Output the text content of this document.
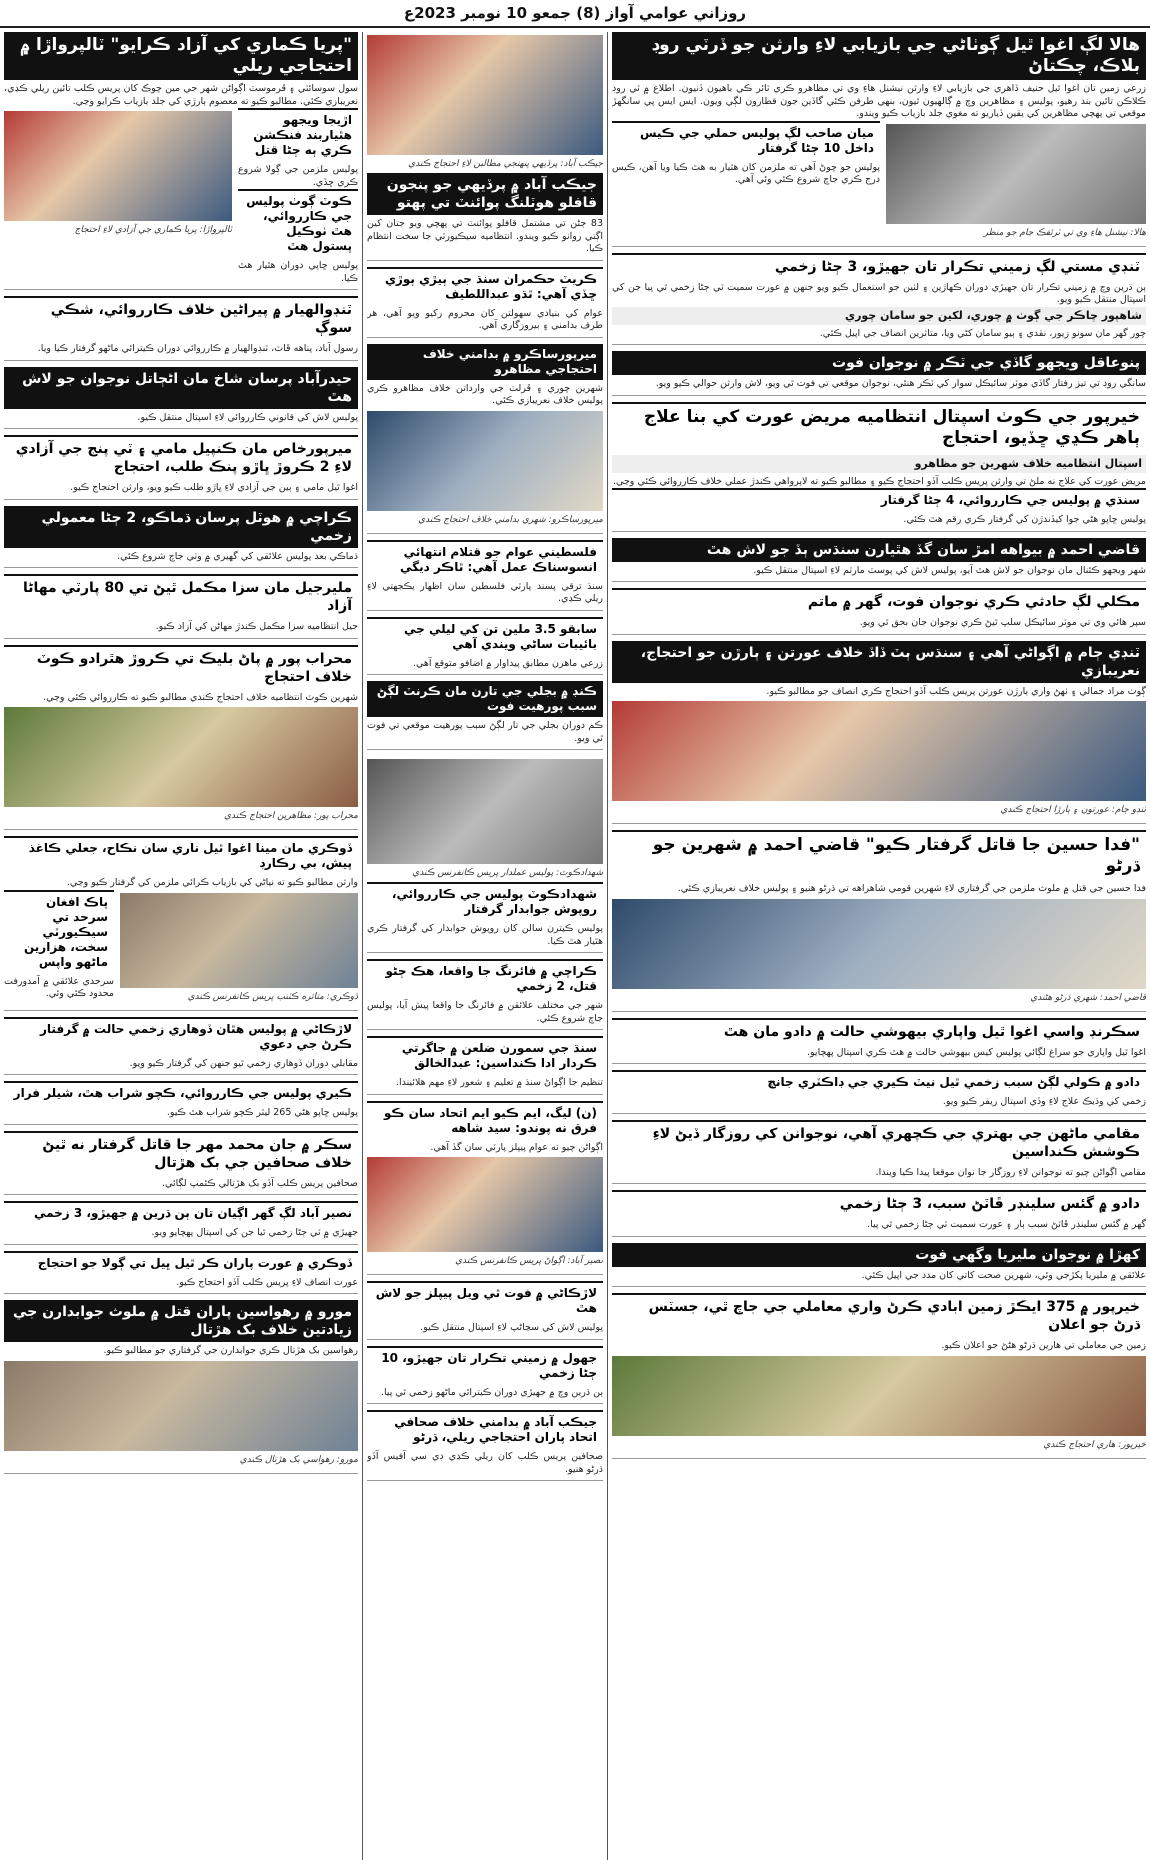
روزاني عوامي آواز (8) جمعو 10 نومبر 2023ع
هالا لڳ اغوا ٿيل ڳوٺاڻي جي بازيابي لاءِ وارثن جو ڏرٽي روڊ بلاڪ، چڪتاڻ
زرعي زمين تان اغوا ٿيل حنيف ڏاهري جي بازيابي لاءِ وارثن نيشنل هاءِ وي تي مظاهرو ڪري ٽائر ڪي باهيون ڏنيون. اطلاع ۾ ٽي روڊ ڪلاڪن تائين بند رهيو، پوليس ۽ مظاهرين وچ ۾ ڳالهيون ٿيون، بنهي طرفن ڪئي گاڏين جون قطارون لڳي ويون. ايس ايس پي سانگهڙ موقعي تي پهچي مظاهرين کي يقين ڏياريو ته مغوي جلد بازياب ڪيو ويندو.
هالا: نيشنل هاءِ وي تي ٽرئفڪ جام جو منظر
ميان صاحب لڳ پوليس حملي جي ڪيس داخل 10 ڄڻا گرفتار
پوليس جو چوڻ آهي ته ملزمن کان هٿيار به هٿ ڪيا ويا آهن، ڪيس درج ڪري جاچ شروع ڪئي وئي آهي.
ٽنڊي مستي لڳ زميني تڪرار تان جهيڙو، 3 ڄڻا زخمي
ٻن ڌرين وچ ۾ زميني تڪرار تان جهيڙي دوران ڪهاڙين ۽ لٺين جو استعمال ڪيو ويو جنهن ۾ عورت سميت ٽي ڄڻا زخمي ٿي پيا جن کي اسپتال منتقل ڪيو ويو.
شاهپور چاڪر جي ڳوٺ ۾ چوري، لکين جو سامان چوري
چور گهر مان سونو زيور، نقدي ۽ ٻيو سامان کڻي ويا، متاثرين انصاف جي اپيل ڪئي.
پنوعاقل ويجهو گاڏي جي ٽڪر ۾ نوجوان فوت
سانگي روڊ تي تيز رفتار گاڏي موٽر سائيڪل سوار کي ٽڪر هنئي، نوجوان موقعي تي فوت ٿي ويو، لاش وارثن حوالي ڪيو ويو.
خيرپور جي ڪوٺ اسپتال انتظاميه مريض عورت کي بنا علاج ٻاهر ڪڍي ڇڏيو، احتجاج
اسپتال انتظاميه خلاف شهرين جو مظاهرو
مريض عورت کي علاج نه ملڻ تي وارثن پريس ڪلب آڏو احتجاج ڪيو ۽ مطالبو ڪيو ته لاپرواهي ڪندڙ عملي خلاف ڪارروائي ڪئي وڃي.
سنڌي ۾ پوليس جي ڪارروائي، 4 ڄڻا گرفتار
پوليس ڇاپو هڻي جوا کيڏندڙن کي گرفتار ڪري رقم هٿ ڪئي.
قاضي احمد ۾ بيواهه امڙ سان گڏ هٿيارن سنڌس ٻڏ جو لاش هٿ
شهر ويجهو ڪئنال مان نوجوان جو لاش هٿ آيو، پوليس لاش کي پوسٽ مارٽم لاءِ اسپتال منتقل ڪيو.
مڪلي لڳ حادثي ڪري نوجوان فوت، گهر ۾ ماتم
سپر هائي وي تي موٽر سائيڪل سلپ ٿيڻ ڪري نوجوان جان بحق ٿي ويو.
ٽنڊي ڄام ۾ اڳواڻي آهي ۽ سنڌس ٻٽ ڏاڏ خلاف عورتن ۽ ٻارڙن جو احتجاج، نعريبازي
ڳوٺ مراد جمالي ۽ ٺهڻ واري ٻارڙن عورتن پريس ڪلب آڏو احتجاج ڪري انصاف جو مطالبو ڪيو.
ٽنڊو ڄام: عورتون ۽ ٻارڙا احتجاج ڪندي
"فدا حسين جا قاتل گرفتار ڪيو" قاضي احمد ۾ شهرين جو ڌرڻو
فدا حسين جي قتل ۾ ملوث ملزمن جي گرفتاري لاءِ شهرين قومي شاهراهه تي ڌرڻو هنيو ۽ پوليس خلاف نعريبازي ڪئي.
قاضي احمد: شهري ڌرڻو هڻندي
سڪرنڊ واسي اغوا ٿيل واپاري بيهوشي حالت ۾ دادو مان هٿ
اغوا ٿيل واپاري جو سراغ لڳائي پوليس کيس بيهوشي حالت ۾ هٿ ڪري اسپتال پهچايو.
دادو ۾ ڪولي لڳڻ سبب زخمي ٿيل نيٽ ڪيري جي ڊاڪٽري جانچ
زخمي کي وڌيڪ علاج لاءِ وڏي اسپتال ريفر ڪيو ويو.
مقامي ماڻهن جي بهتري جي ڪچهري آهي، نوجوانن کي روزگار ڏيڻ لاءِ ڪوشش ڪنداسين
مقامي اڳواڻن چيو ته نوجوانن لاءِ روزگار جا نوان موقعا پيدا ڪيا ويندا.
دادو ۾ گئس سلينڊر ڦاٽڻ سبب، 3 ڄڻا زخمي
گهر ۾ گئس سلينڊر ڦاٽڻ سبب ٻار ۽ عورت سميت ٽي ڄڻا زخمي ٿي پيا.
کهڙا ۾ نوجوان مليريا وگهي فوت
علائقي ۾ مليريا پکڙجي وئي، شهرين صحت کاتي کان مدد جي اپيل ڪئي.
خيرپور ۾ 375 ايڪڙ زمين ابادي ڪرڻ واري معاملي جي جاچ ٿي، جسٽس ڌرڻ جو اعلان
زمين جي معاملي تي هارين ڌرڻو هڻڻ جو اعلان ڪيو.
خيرپور: هاري احتجاج ڪندي
جيڪب آباد: پرڏيهي پنهنجي مطالبن لاءِ احتجاج ڪندي
جيڪب آباد ۾ پرڏيهي جو پنجون قافلو هوٽلنگ پوائنٽ تي پهتو
83 ڄڻن تي مشتمل قافلو پوائنٽ تي پهچي ويو جتان کين اڳتي روانو ڪيو ويندو. انتظاميه سيڪيورٽي جا سخت انتظام ڪيا.
ڪريٽ حڪمران سنڌ جي ٻيڙي ٻوڙي ڇڏي آهي: ٿڌو عبداللطيف
عوام کي بنيادي سهولتن کان محروم رکيو ويو آهي، هر طرف بدامني ۽ بيروزگاري آهي.
ميرپورساڪرو ۾ بدامني خلاف احتجاجي مظاهرو
شهرين چوري ۽ ڦرلٽ جي وارداتن خلاف مظاهرو ڪري پوليس خلاف نعريبازي ڪئي.
ميرپورساڪرو: شهري بدامني خلاف احتجاج ڪندي
فلسطيني عوام جو قتلام انتهائي انسوسناڪ عمل آهي: ٿاڪر ديگي
سنڌ ترقي پسند پارٽي فلسطين سان اظهار يڪجهتي لاءِ ريلي ڪڍي.
سابقو 3.5 ملين تن کي ليلي جي بائيبات ساڻي ويندي آهي
زرعي ماهرن مطابق پيداوار ۾ اضافو متوقع آهي.
ڪنڊ ۾ بجلي جي تارن مان ڪرنٽ لڳڻ سبب پورهيت فوت
ڪم دوران بجلي جي تار لڳڻ سبب پورهيت موقعي تي فوت ٿي ويو.
شهدادڪوٽ: پوليس عملدار پريس ڪانفرنس ڪندي
شهدادڪوٽ پوليس جي ڪارروائي، روپوش جوابدار گرفتار
پوليس ڪيترن سالن کان روپوش جوابدار کي گرفتار ڪري هٿيار هٿ ڪيا.
ڪراچي ۾ فائرنگ جا واقعا، هڪ ڄڻو قتل، 2 زخمي
شهر جي مختلف علائقن ۾ فائرنگ جا واقعا پيش آيا، پوليس جاچ شروع ڪئي.
سنڌ جي سمورن ضلعن ۾ جاگرتي ڪردار ادا ڪنداسين: عبدالخالق
تنظيم جا اڳواڻ سنڌ ۾ تعليم ۽ شعور لاءِ مهم هلائيندا.
(ن) ليگ، ايم ڪيو ايم اتحاد سان ڪو فرق نه پوندو: سيد شاهه
اڳواڻن چيو ته عوام پيپلز پارٽي سان گڏ آهي.
نصير آباد: اڳواڻ پريس ڪانفرنس ڪندي
لاڙڪاڻي ۾ فوت ٿي ويل پيپلز جو لاش هٿ
پوليس لاش کي سڃاڻپ لاءِ اسپتال منتقل ڪيو.
جهول ۾ زميني تڪرار تان جهيڙو، 10 ڄڻا زخمي
ٻن ڌرين وچ ۾ جهيڙي دوران ڪيترائي ماڻهو زخمي ٿي پيا.
جيڪب آباد ۾ بدامني خلاف صحافي اتحاد پاران احتجاجي ريلي، ڌرڻو
صحافين پريس ڪلب کان ريلي ڪڍي ڊي سي آفيس آڏو ڌرڻو هنيو.
"پريا ڪماري کي آزاد ڪرايو" ٽالپرواڙا ۾ احتجاجي ريلي
سول سوسائٽي ۽ ڦرموسٽ اڳواڻن شهر جي مين چوڪ کان پريس ڪلب تائين ريلي ڪڍي، نعريبازي ڪئي. مطالبو ڪيو ته معصوم ٻارڙي کي جلد بازياب ڪرايو وڃي.
اڙيجا ويجهو هٿياربند فنڪشن ڪري ٻه ڄڻا قتل
پوليس ملزمن جي ڳولا شروع ڪري ڇڏي.
ڪوٽ ڳوٺ پوليس جي ڪارروائي، هٿ ٺوڪيل پستول هٿ
پوليس ڇاپي دوران هٿيار هٿ ڪيا.
ٽالپرواڙا: پريا ڪماري جي آزادي لاءِ احتجاج
ٽنڊوالهيار ۾ پيراڻين خلاف ڪارروائي، شڪي سوڳ
رسول آباد، پناهه ڦاٽ، ٽنڊوالهيار ۾ ڪارروائي دوران ڪيترائي ماڻهو گرفتار ڪيا ويا.
حيدرآباد پرسان شاخ مان اڻڄاتل نوجوان جو لاش هٿ
پوليس لاش کي قانوني ڪارروائي لاءِ اسپتال منتقل ڪيو.
ميرپورخاص مان ڪنپيل مامي ۽ ٽي پنج جي آزادي لاءِ 2 ڪروڙ ڀاڙو پنڪ طلب، احتجاج
اغوا ٿيل مامي ۽ ٻين جي آزادي لاءِ ڀاڙو طلب ڪيو ويو، وارثن احتجاج ڪيو.
ڪراچي ۾ هوٽل پرسان ڌماڪو، 2 ڄڻا معمولي زخمي
ڌماڪي بعد پوليس علائقي کي گهيري ۾ وٺي جاچ شروع ڪئي.
مليرجيل مان سزا مڪمل ٿيڻ تي 80 پارٽي مهاڻا آزاد
جيل انتظاميه سزا مڪمل ڪندڙ مهاڻن کي آزاد ڪيو.
محراب پور ۾ پاڻ بليڪ تي ڪروڙ هٿرادو ڪوٽ خلاف احتجاج
شهرين ڪوٽ انتظاميه خلاف احتجاج ڪندي مطالبو ڪيو ته ڪارروائي ڪئي وڃي.
محراب پور: مظاهرين احتجاج ڪندي
ڏوڪري مان مينا اغوا ٿيل ناري سان نڪاح، جعلي ڪاغذ پيش، بي رڪارڊ
وارثن مطالبو ڪيو ته نياڻي کي بازياب ڪرائي ملزمن کي گرفتار ڪيو وڃي.
ڏوڪري: متاثره ڪٽنب پريس ڪانفرنس ڪندي
پاڪ افغان سرحد تي سيڪيورٽي سخت، هزارين ماڻهو واپس
سرحدي علائقي ۾ آمدورفت محدود ڪئي وئي.
لاڙڪاڻي ۾ پوليس هٿان ڏوهاري زخمي حالت ۾ گرفتار ڪرڻ جي دعوي
مقابلي دوران ڏوهاري زخمي ٿيو جنهن کي گرفتار ڪيو ويو.
ڪيري پوليس جي ڪارروائي، ڪچو شراب هٿ، شيلر فرار
پوليس ڇاپو هڻي 265 ليٽر ڪچو شراب هٿ ڪيو.
سڪر ۾ جان محمد مهر جا قاتل گرفتار نه ٿيڻ خلاف صحافين جي بک هڙتال
صحافين پريس ڪلب آڏو بک هڙتالي ڪئمپ لڳائي.
نصير آباد لڳ گهر اڳيان تان ٻن ڌرين ۾ جهيڙو، 3 زخمي
جهيڙي ۾ ٽي ڄڻا زخمي ٿيا جن کي اسپتال پهچايو ويو.
ڏوڪري ۾ عورت پاران ڪر ٿيل ڀيل تي ڳولا جو احتجاج
عورت انصاف لاءِ پريس ڪلب آڏو احتجاج ڪيو.
مورو ۾ رهواسين پاران قتل ۾ ملوث جوابدارن جي زيادتين خلاف بک هڙتال
رهواسين بک هڙتال ڪري جوابدارن جي گرفتاري جو مطالبو ڪيو.
مورو: رهواسي بک هڙتال ڪندي
